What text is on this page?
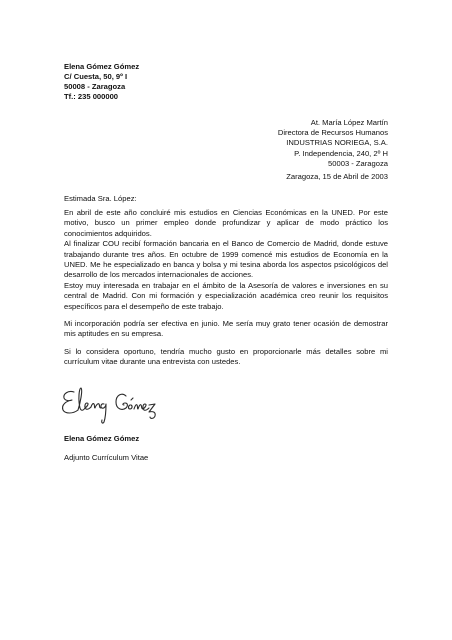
Elena Gómez Gómez
C/ Cuesta, 50, 9º I
50008 - Zaragoza
Tf.: 235 000000
At. María López Martín
Directora de Recursos Humanos
INDUSTRIAS NORIEGA, S.A.
P. Independencia, 240, 2º H
50003 - Zaragoza
Zaragoza, 15 de Abril de 2003
Estimada Sra. López:

En abril de este año concluiré mis estudios en Ciencias Económicas en la UNED. Por este motivo, busco un primer empleo donde profundizar y aplicar de modo práctico los conocimientos adquiridos.

Al finalizar COU recibí formación bancaria en el Banco de Comercio de Madrid, donde estuve trabajando durante tres años. En octubre de 1999 comencé mis estudios de Economía en la UNED. Me he especializado en banca y bolsa y mi tesina aborda los aspectos psicológicos del desarrollo de los mercados internacionales de acciones.

Estoy muy interesada en trabajar en el ámbito de la Asesoría de valores e inversiones en su central de Madrid. Con mi formación y especialización académica creo reunir los requisitos específicos para el desempeño de este trabajo.

Mi incorporación podría ser efectiva en junio. Me sería muy grato tener ocasión de demostrar mis aptitudes en su empresa.

Si lo considera oportuno, tendría mucho gusto en proporcionarle más detalles sobre mi currículum vitae durante una entrevista con ustedes.

Elena Gómez Gómez
Adjunto Currículum Vitae
